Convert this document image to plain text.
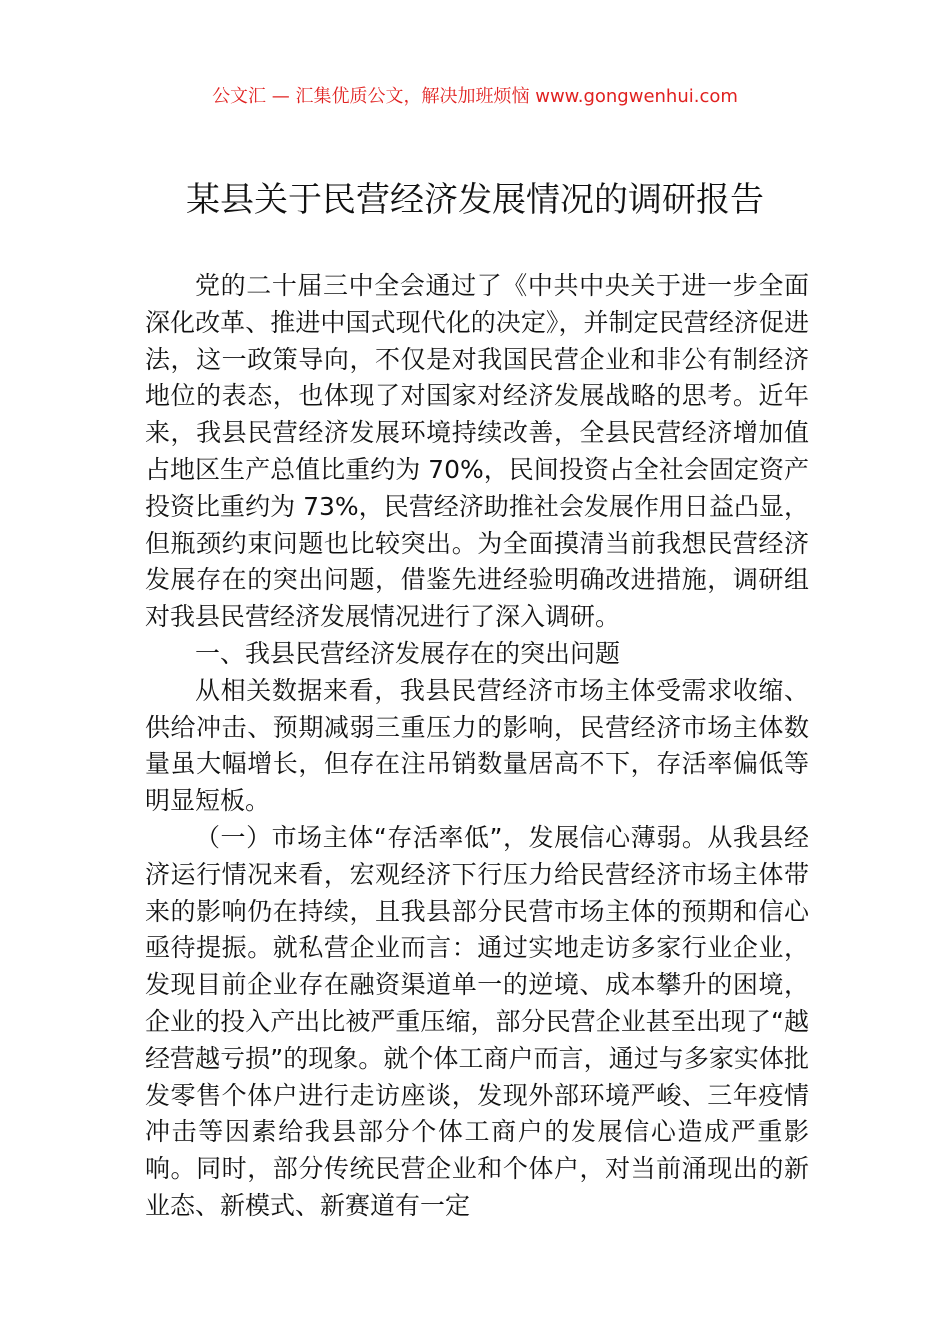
公文汇 — 汇集优质公文，解决加班烦恼 www.gongwenhui.com
某县关于民营经济发展情况的调研报告

党的二十届三中全会通过了《中共中央关于进一步全面深化改革、推进中国式现代化的决定》，并制定民营经济促进法，这一政策导向，不仅是对我国民营企业和非公有制经济地位的表态，也体现了对国家对经济发展战略的思考。近年来，我县民营经济发展环境持续改善，全县民营经济增加值占地区生产总值比重约为 70%，民间投资占全社会固定资产投资比重约为 73%，民营经济助推社会发展作用日益凸显，但瓶颈约束问题也比较突出。为全面摸清当前我想民营经济发展存在的突出问题，借鉴先进经验明确改进措施，调研组对我县民营经济发展情况进行了深入调研。

一、我县民营经济发展存在的突出问题

从相关数据来看，我县民营经济市场主体受需求收缩、供给冲击、预期减弱三重压力的影响，民营经济市场主体数量虽大幅增长，但存在注吊销数量居高不下，存活率偏低等明显短板。

（一）市场主体“存活率低”，发展信心薄弱。从我县经济运行情况来看，宏观经济下行压力给民营经济市场主体带来的影响仍在持续，且我县部分民营市场主体的预期和信心亟待提振。就私营企业而言：通过实地走访多家行业企业，发现目前企业存在融资渠道单一的逆境、成本攀升的困境，企业的投入产出比被严重压缩，部分民营企业甚至出现了“越经营越亏损”的现象。就个体工商户而言，通过与多家实体批发零售个体户进行走访座谈，发现外部环境严峻、三年疫情冲击等因素给我县部分个体工商户的发展信心造成严重影响。同时，部分传统民营企业和个体户，对当前涌现出的新业态、新模式、新赛道有一定
